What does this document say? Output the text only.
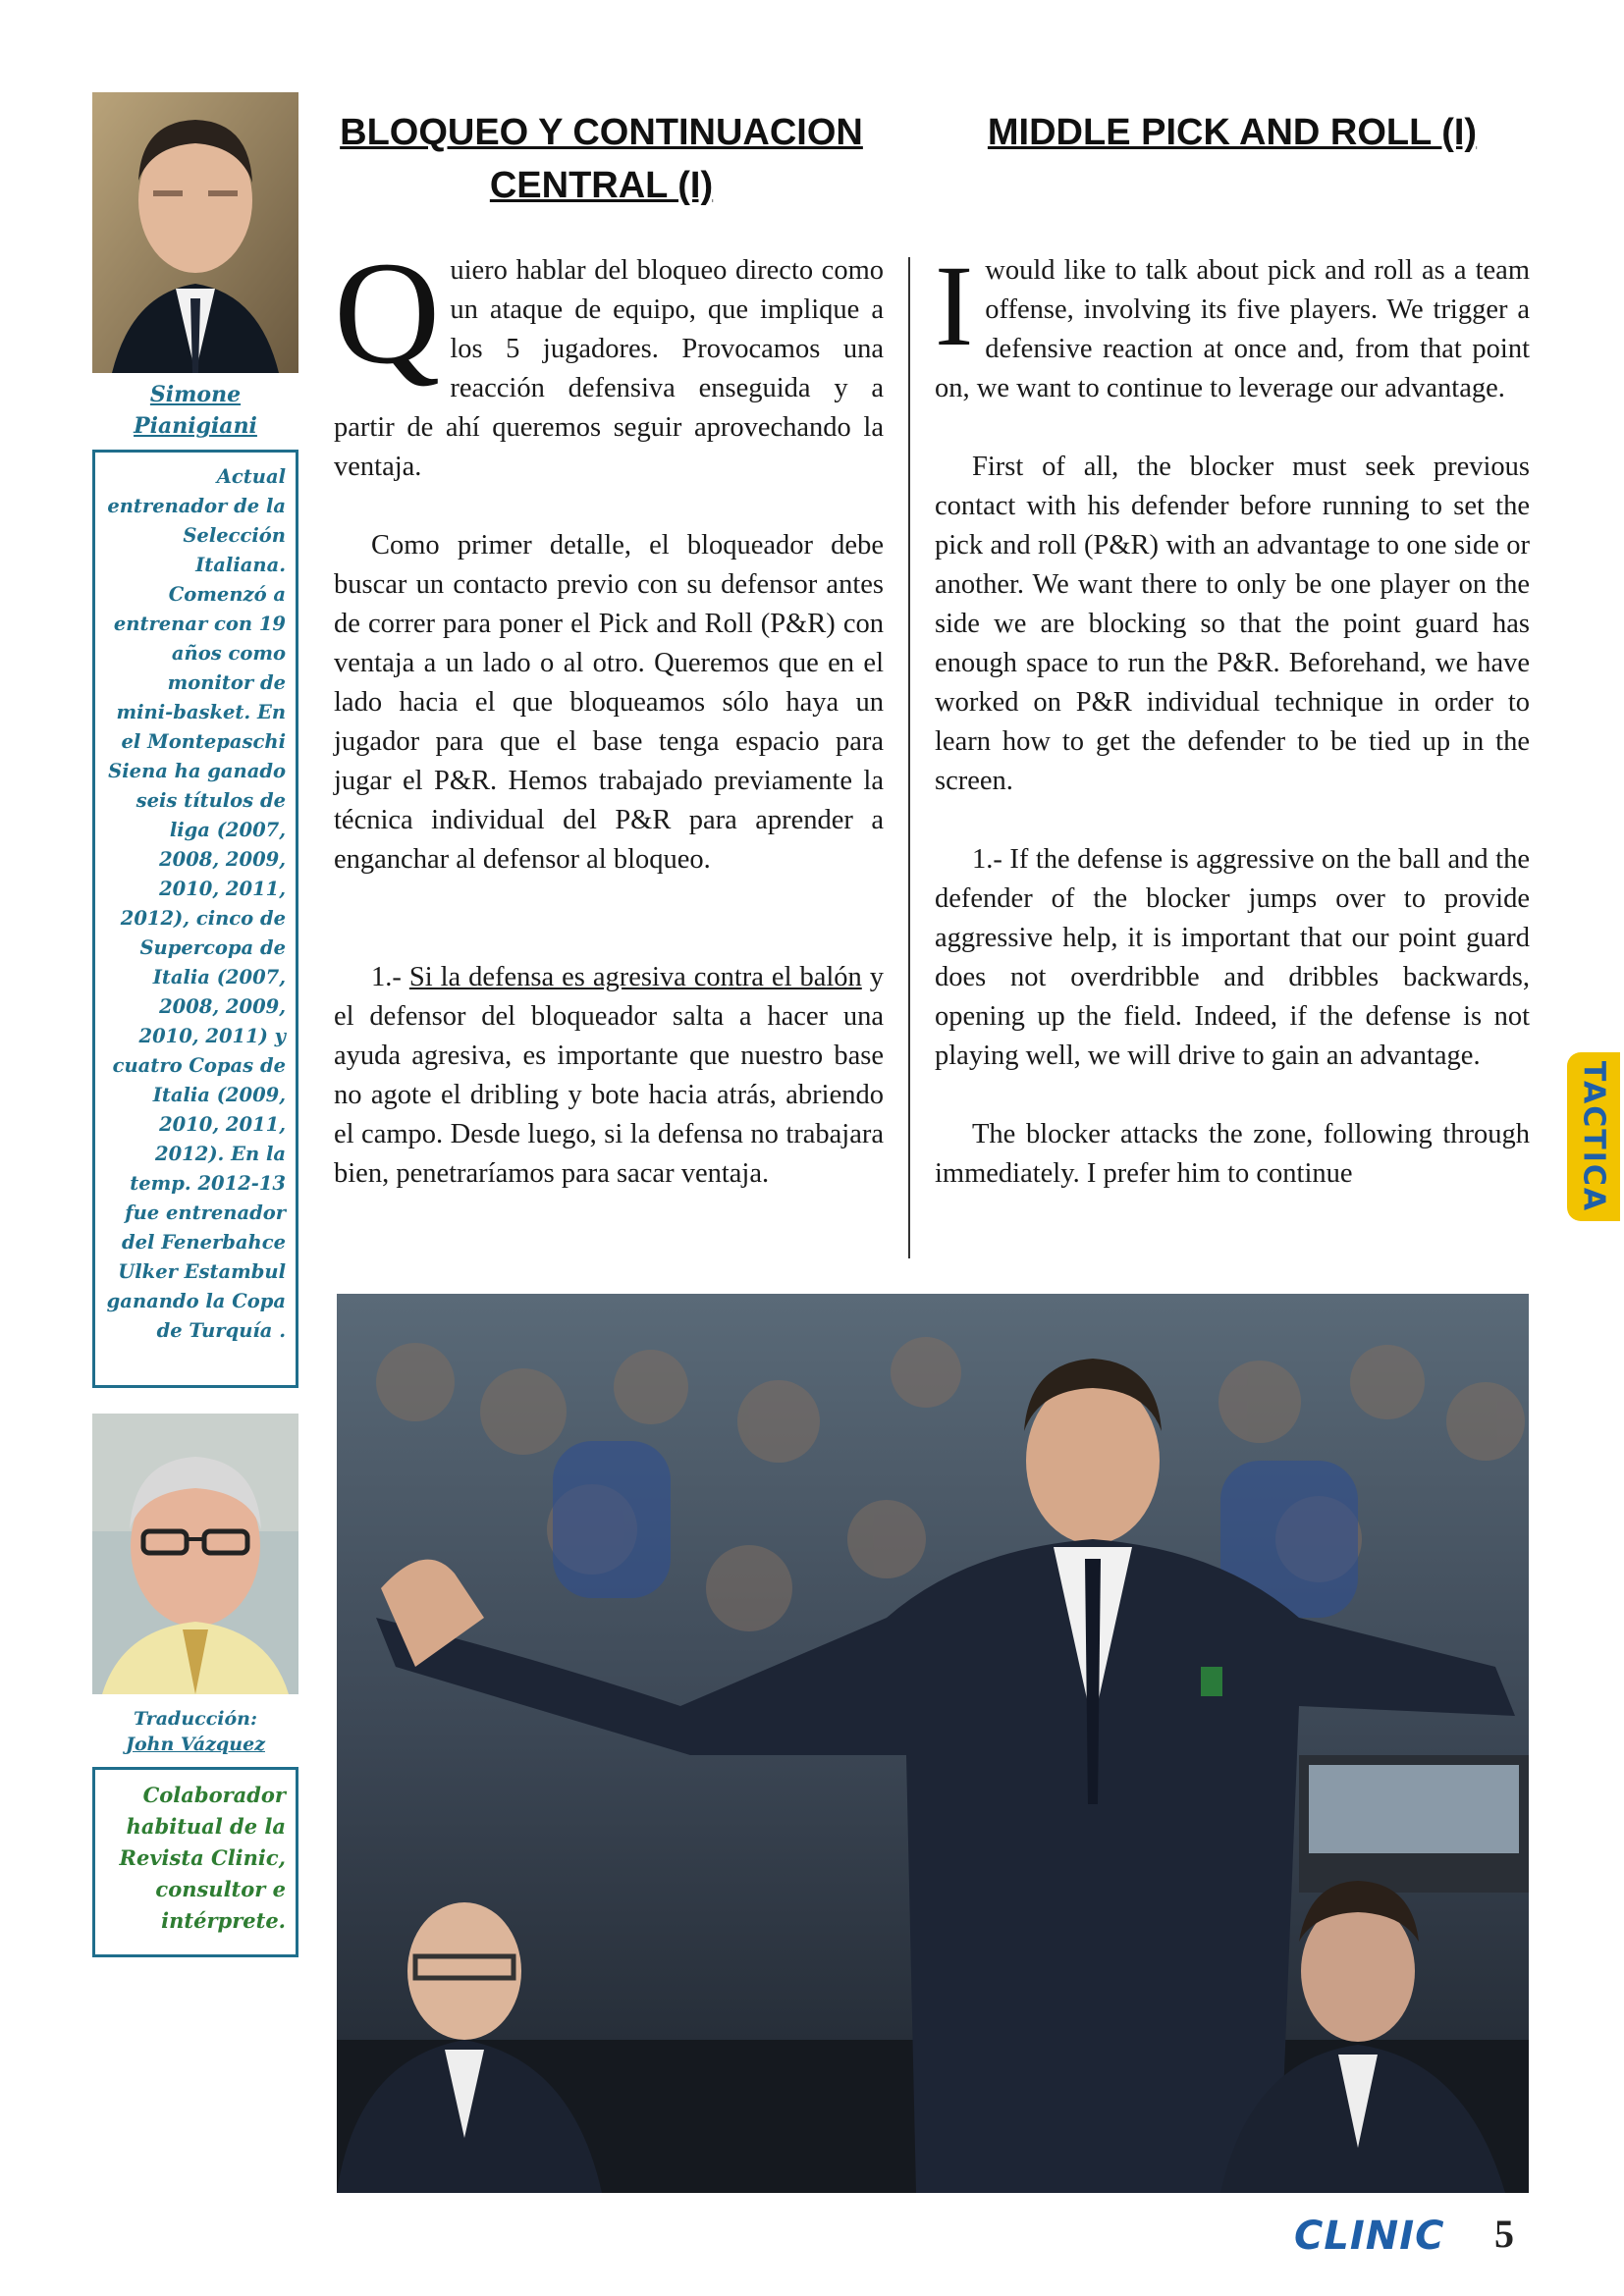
Simone Pianigiani
Actual entrenador de la Selección Italiana. Comenzó a entrenar con 19 años como monitor de mini-basket. En el Montepaschi Siena ha ganado seis títulos de liga (2007, 2008, 2009, 2010, 2011, 2012), cinco de Supercopa de Italia (2007, 2008, 2009, 2010, 2011) y cuatro Copas de Italia (2009, 2010, 2011, 2012). En la temp. 2012-13 fue entrenador del Fenerbahce Ulker Estambul ganando la Copa de Turquía .
Traducción:
John Vázquez
Colaborador habitual de la Revista Clinic, consultor e intérprete.
BLOQUEO Y CONTINUACION CENTRAL (I)
MIDDLE PICK AND ROLL (I)

Quiero hablar del bloqueo directo como un ataque de equipo, que implique a los 5 jugadores. Provocamos una reacción defensiva enseguida y a partir de ahí queremos seguir aprovechando la ventaja.

Como primer detalle, el bloqueador debe buscar un contacto previo con su defensor antes de correr para poner el Pick and Roll (P&R) con ventaja a un lado o al otro. Queremos que en el lado hacia el que bloqueamos sólo haya un jugador para que el base tenga espacio para jugar el P&R. Hemos trabajado previamente la técnica individual del P&R para aprender a enganchar al defensor al bloqueo.

1.- Si la defensa es agresiva contra el balón y el defensor del bloqueador salta a hacer una ayuda agresiva, es importante que nuestro base no agote el dribling y bote hacia atrás, abriendo el campo. Desde luego, si la defensa no trabajara bien, penetraríamos para sacar ventaja.

Iwould like to talk about pick and roll as a team offense, involving its five players. We trigger a defensive reaction at once and, from that point on, we want to continue to leverage our advantage.

First of all, the blocker must seek previous contact with his defender before running to set the pick and roll (P&R) with an advantage to one side or another. We want there to only be one player on the side we are blocking so that the point guard has enough space to run the P&R. Beforehand, we have worked on P&R individual technique in order to learn how to get the defender to be tied up in the screen.

1.- If the defense is aggressive on the ball and the defender of the blocker jumps over to provide aggressive help, it is important that our point guard does not overdribble and dribbles backwards, opening up the field. Indeed, if the defense is not playing well, we will drive to gain an advantage.

The blocker attacks the zone, following through immediately. I prefer him to continue	TACTICA
CLINIC 5
